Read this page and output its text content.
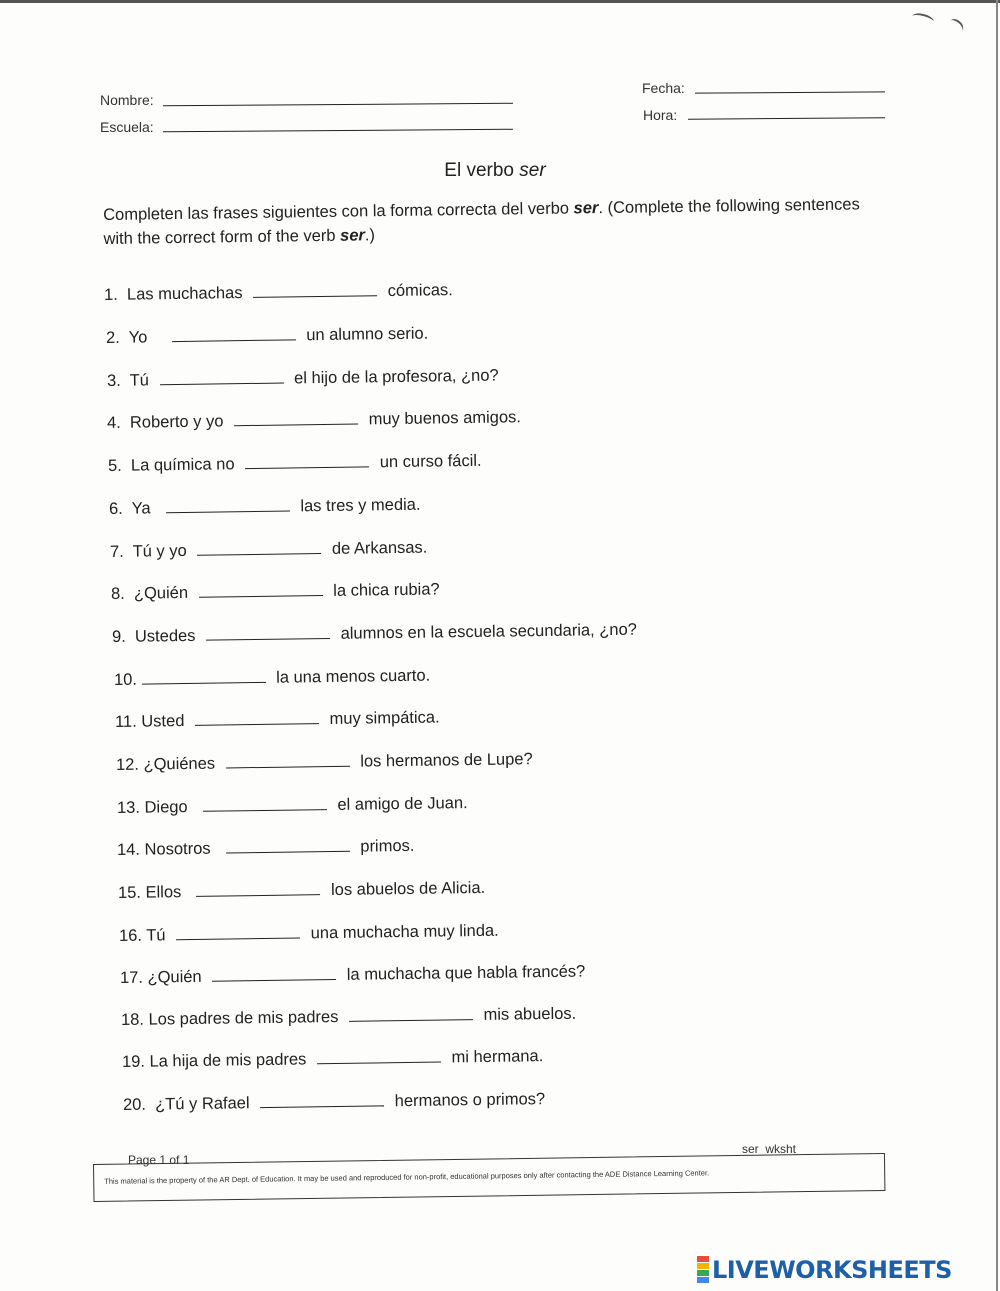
Nombre:
Escuela:
Fecha:
Hora:
El verbo ser
Completen las frases siguientes con la forma correcta del verbo ser. (Complete the following sentences with the correct form of the verb ser.)
1. Las muchachas	cómicas.
2. Yo	un alumno serio.
3. Tú	el hijo de la profesora, ¿no?
4. Roberto y yo	muy buenos amigos.
5. La química no	un curso fácil.
6. Ya	las tres y media.
7. Tú y yo	de Arkansas.
8. ¿Quién	la chica rubia?
9. Ustedes	alumnos en la escuela secundaria, ¿no?
10.	la una menos cuarto.
11. Usted	muy simpática.
12. ¿Quiénes	los hermanos de Lupe?
13. Diego	el amigo de Juan.
14. Nosotros	primos.
15. Ellos	los abuelos de Alicia.
16. Tú	una muchacha muy linda.
17. ¿Quién	la muchacha que habla francés?
18. Los padres de mis padres	mis abuelos.
19. La hija de mis padres	mi hermana.
20. ¿Tú y Rafael	hermanos o primos?
Page 1 of 1
ser_wksht
This material is the property of the AR Dept. of Education. It may be used and reproduced for non-profit, educational purposes only after contacting the ADE Distance Learning Center.
LIVEWORKSHEETS
